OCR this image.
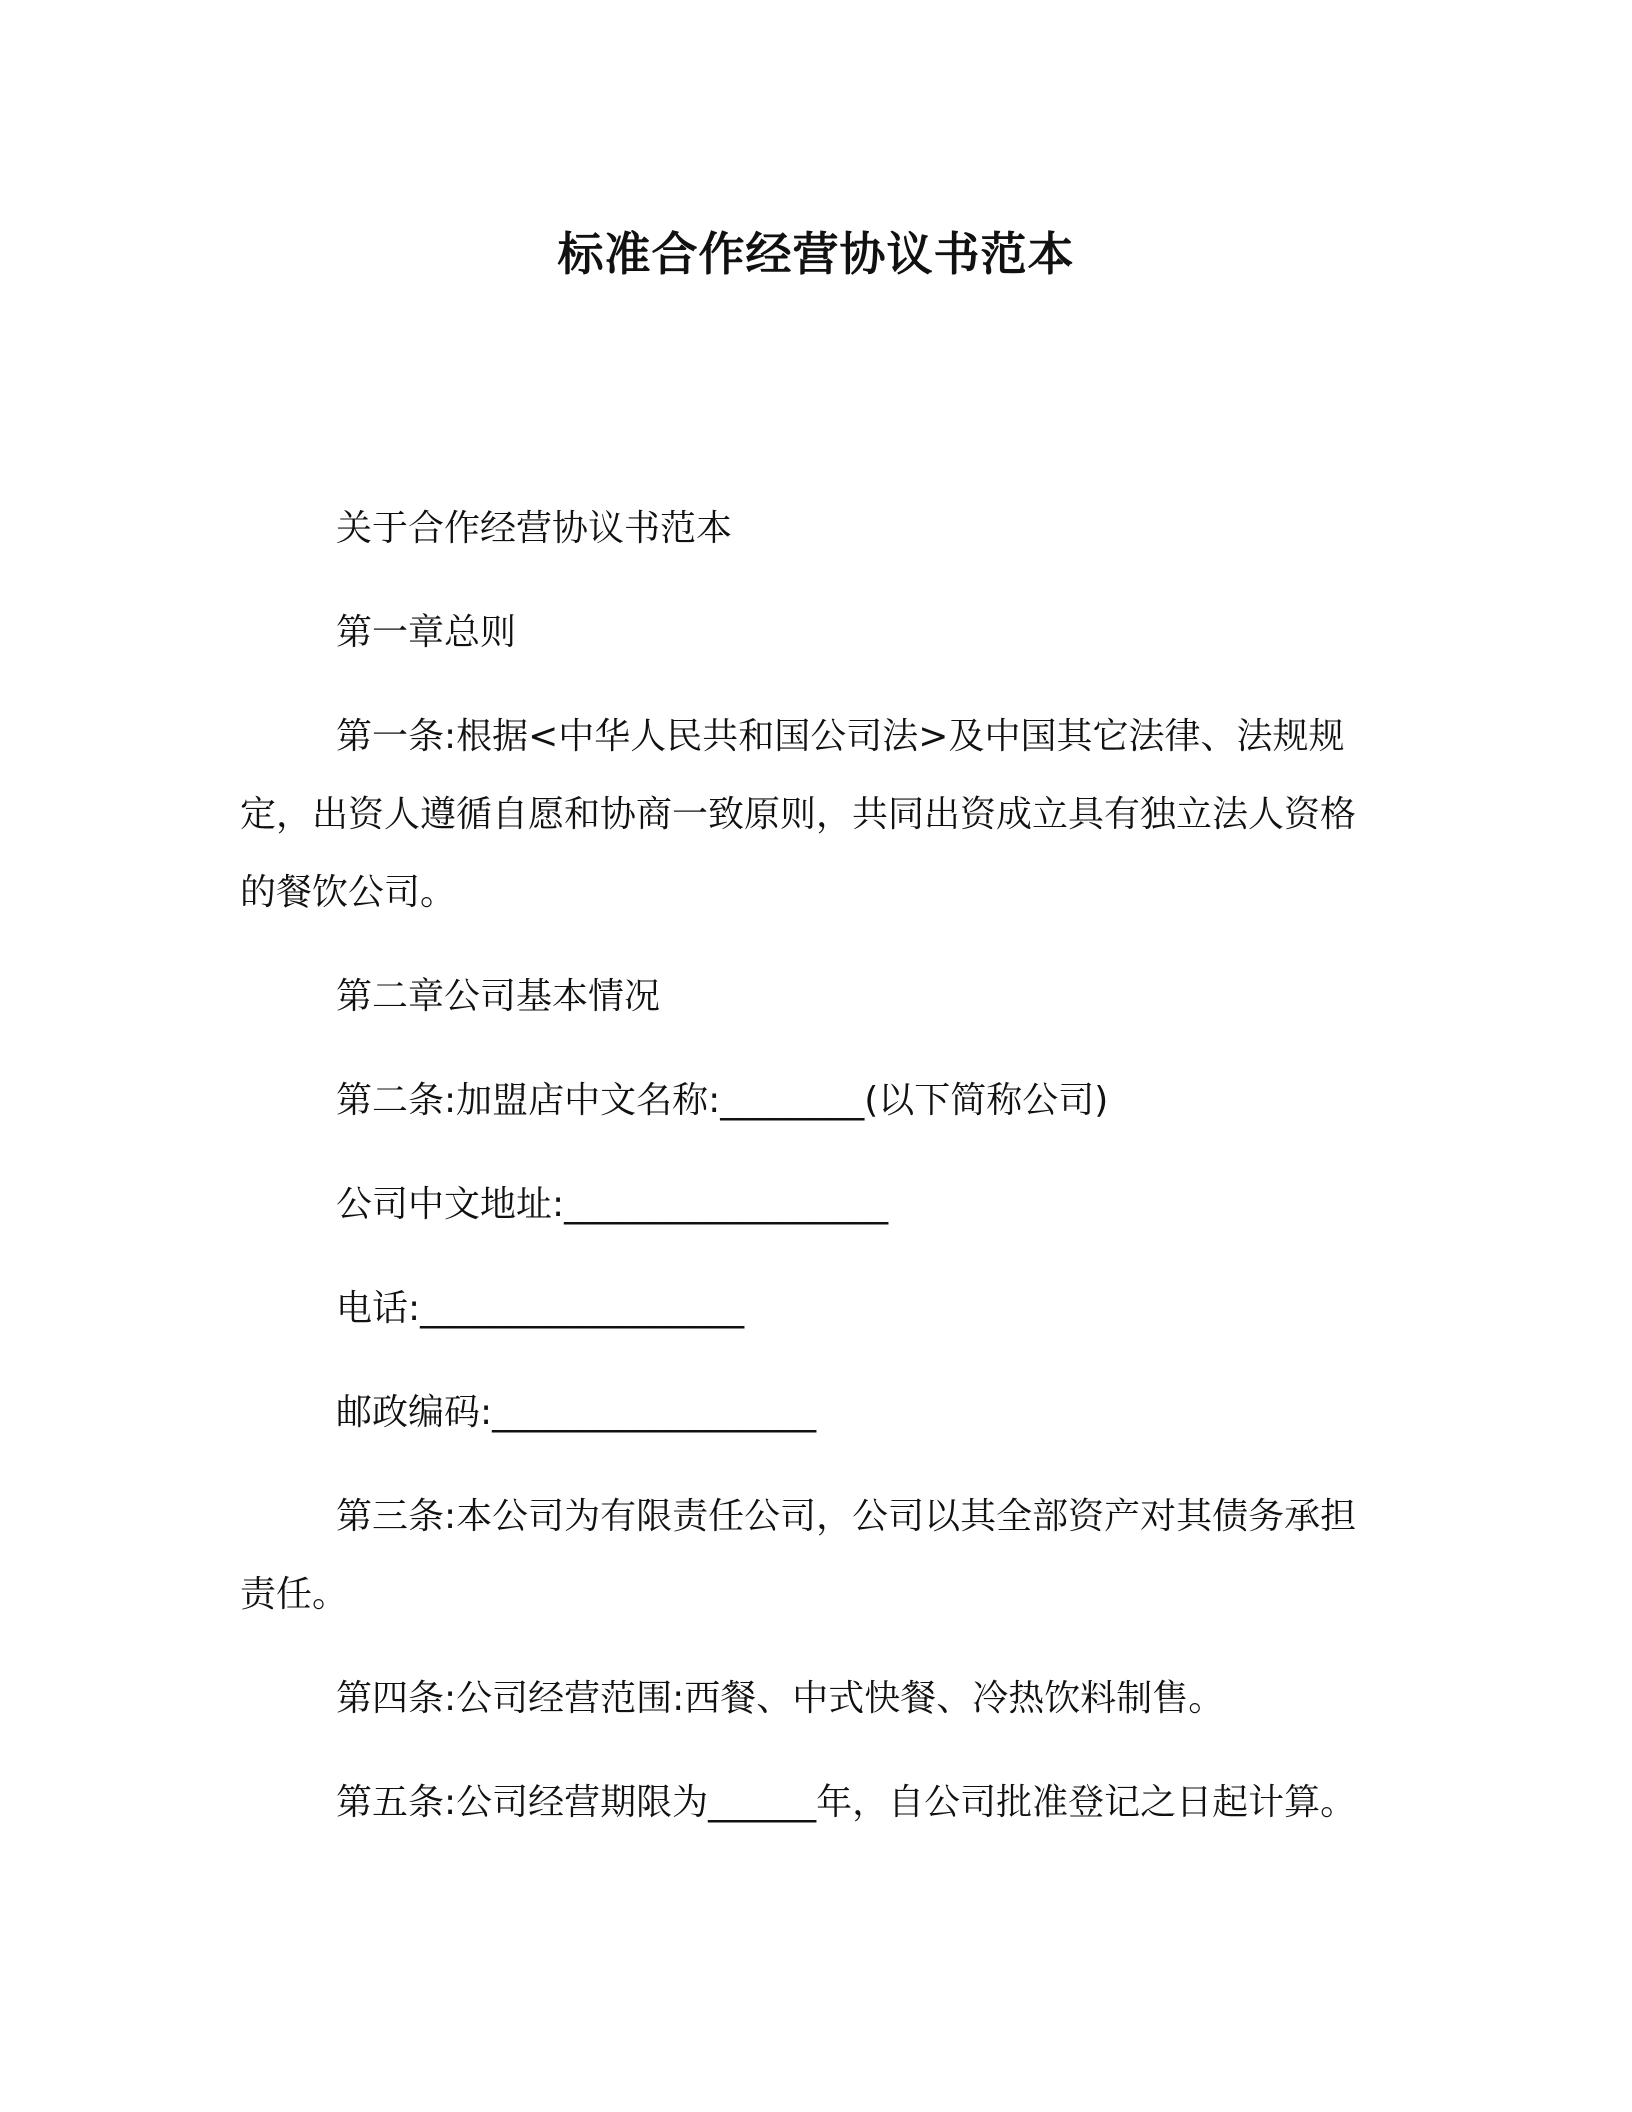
标准合作经营协议书范本

关于合作经营协议书范本

第一章总则

第一条:根据<中华人民共和国公司法>及中国其它法律、法规规定，出资人遵循自愿和协商一致原则，共同出资成立具有独立法人资格的餐饮公司。

第二章公司基本情况

第二条:加盟店中文名称:________(以下简称公司)

公司中文地址:__________________

电话:__________________

邮政编码:__________________

第三条:本公司为有限责任公司，公司以其全部资产对其债务承担责任。

第四条:公司经营范围:西餐、中式快餐、冷热饮料制售。

第五条:公司经营期限为______年，自公司批准登记之日起计算。
